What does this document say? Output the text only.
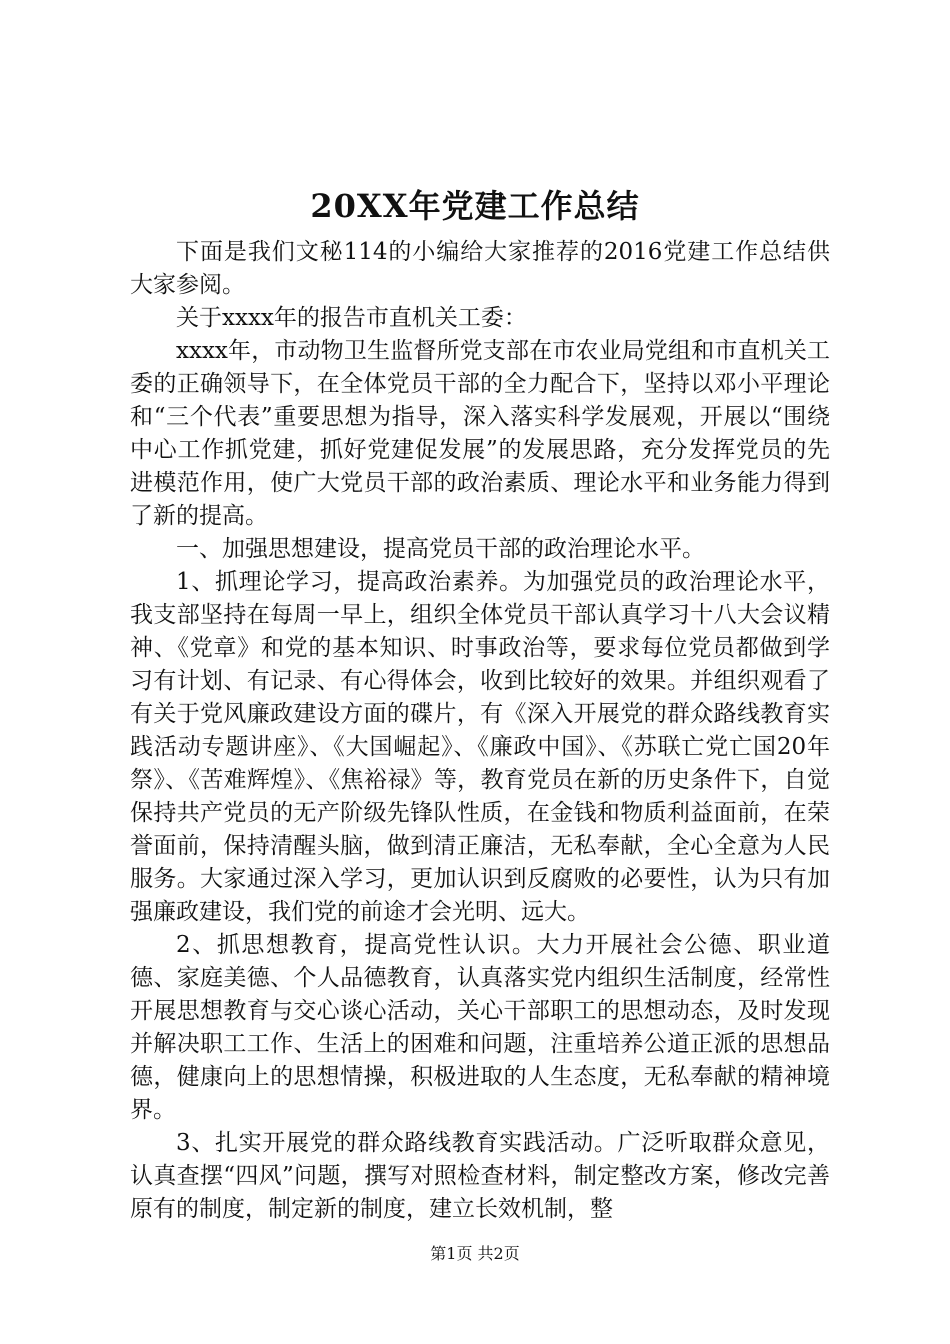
20XX年党建工作总结

下面是我们文秘114的小编给大家推荐的2016党建工作总结供大家参阅。

关于xxxx年的报告市直机关工委：

xxxx年，市动物卫生监督所党支部在市农业局党组和市直机关工委的正确领导下，在全体党员干部的全力配合下，坚持以邓小平理论和“三个代表”重要思想为指导，深入落实科学发展观，开展以“围绕中心工作抓党建，抓好党建促发展”的发展思路，充分发挥党员的先进模范作用，使广大党员干部的政治素质、理论水平和业务能力得到了新的提高。

一、加强思想建设，提高党员干部的政治理论水平。

1、抓理论学习，提高政治素养。为加强党员的政治理论水平，我支部坚持在每周一早上，组织全体党员干部认真学习十八大会议精神、《党章》和党的基本知识、时事政治等，要求每位党员都做到学习有计划、有记录、有心得体会，收到比较好的效果。并组织观看了有关于党风廉政建设方面的碟片，有《深入开展党的群众路线教育实践活动专题讲座》、《大国崛起》、《廉政中国》、《苏联亡党亡国20年祭》、《苦难辉煌》、《焦裕禄》等，教育党员在新的历史条件下，自觉保持共产党员的无产阶级先锋队性质，在金钱和物质利益面前，在荣誉面前，保持清醒头脑，做到清正廉洁，无私奉献，全心全意为人民服务。大家通过深入学习，更加认识到反腐败的必要性，认为只有加强廉政建设，我们党的前途才会光明、远大。

2、抓思想教育，提高党性认识。大力开展社会公德、职业道德、家庭美德、个人品德教育，认真落实党内组织生活制度，经常性开展思想教育与交心谈心活动，关心干部职工的思想动态，及时发现并解决职工工作、生活上的困难和问题，注重培养公道正派的思想品德，健康向上的思想情操，积极进取的人生态度，无私奉献的精神境界。

3、扎实开展党的群众路线教育实践活动。广泛听取群众意见，认真查摆“四风”问题，撰写对照检查材料，制定整改方案，修改完善原有的制度，制定新的制度，建立长效机制，整

第1页 共2页
